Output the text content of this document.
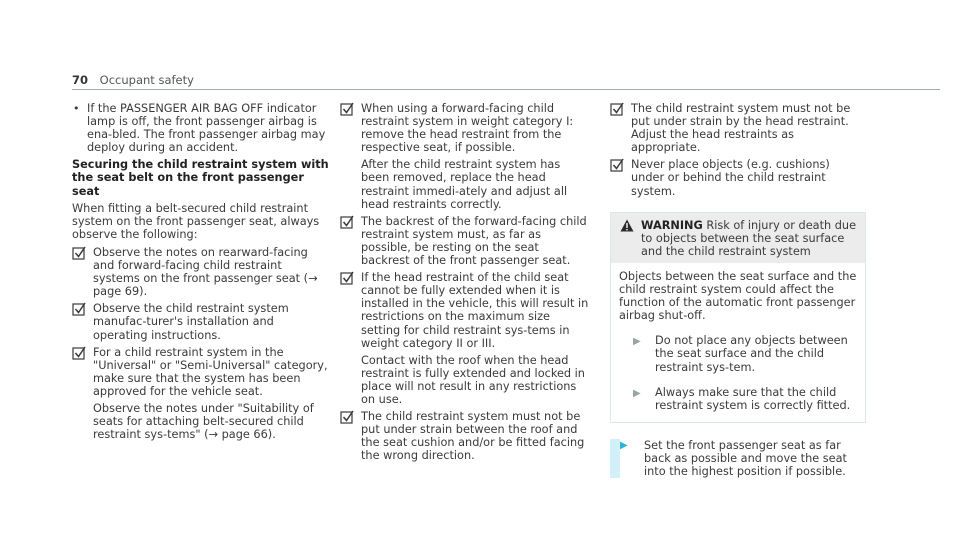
70 Occupant safety
• If the PASSENGER AIR BAG OFF indicator lamp is off, the front passenger airbag is ena‑bled. The front passenger airbag may deploy during an accident.
Securing the child restraint system with the seat belt on the front passenger seat

When fitting a belt-secured child restraint system on the front passenger seat, always observe the following:

Observe the notes on rearward-facing and forward-facing child restraint systems on the front passenger seat (→ page 69).
Observe the child restraint system manufac‑turer's installation and operating instructions.
For a child restraint system in the "Universal" or "Semi-Universal" category, make sure that the system has been approved for the vehicle seat.

Observe the notes under "Suitability of seats for attaching belt-secured child restraint sys‑tems" (→ page 66).

When using a forward-facing child restraint system in weight category I: remove the head restraint from the respective seat, if possible.

After the child restraint system has been removed, replace the head restraint immedi‑ately and adjust all head restraints correctly.

The backrest of the forward-facing child restraint system must, as far as possible, be resting on the seat backrest of the front passenger seat.
If the head restraint of the child seat cannot be fully extended when it is installed in the vehicle, this will result in restrictions on the maximum size setting for child restraint sys‑tems in weight category II or III.

Contact with the roof when the head restraint is fully extended and locked in place will not result in any restrictions on use.

The child restraint system must not be put under strain between the roof and the seat cushion and/or be fitted facing the wrong direction.
The child restraint system must not be put under strain by the head restraint. Adjust the head restraints as appropriate.
Never place objects (e.g. cushions) under or behind the child restraint system.
WARNING Risk of injury or death due to objects between the seat surface and the child restraint system
Objects between the seat surface and the child restraint system could affect the function of the automatic front passenger airbag shut‑off.
▶ Do not place any objects between the seat surface and the child restraint sys‑tem.
▶ Always make sure that the child restraint system is correctly fitted.
▶	Set the front passenger seat as far back as possible and move the seat into the highest position if possible.
